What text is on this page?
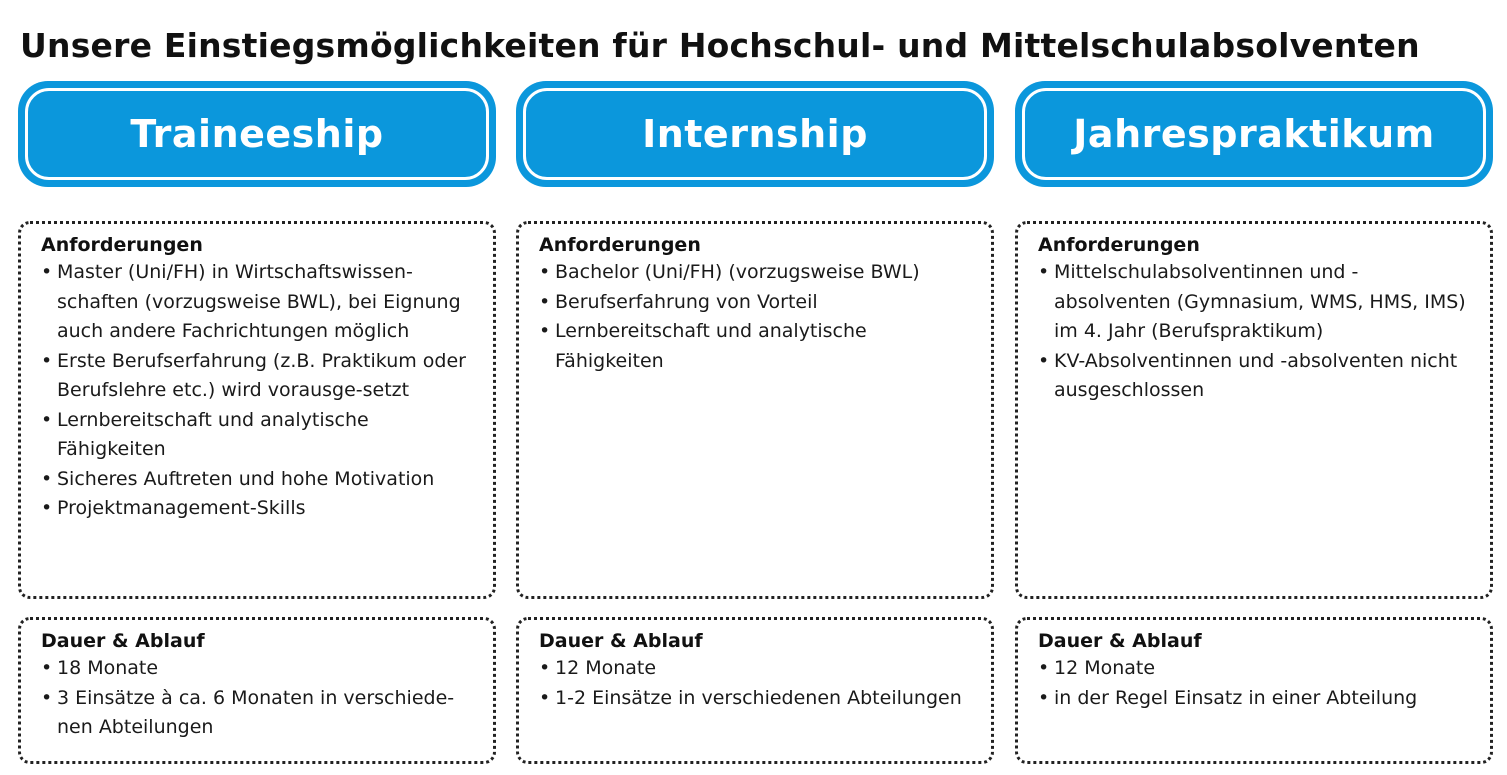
Unsere Einstiegsmöglichkeiten für Hochschul- und Mittelschulabsolventen
Traineeship
Anforderungen
• Master (Uni/FH) in Wirtschaftswissen-schaften (vorzugsweise BWL), bei Eignung auch andere Fachrichtungen möglich
• Erste Berufserfahrung (z.B. Praktikum oder Berufslehre etc.) wird vorausge-setzt
• Lernbereitschaft und analytische Fähigkeiten
• Sicheres Auftreten und hohe Motivation
• Projektmanagement-Skills
Dauer & Ablauf
• 18 Monate
• 3 Einsätze à ca. 6 Monaten in verschiede-nen Abteilungen
Internship
Anforderungen
• Bachelor (Uni/FH) (vorzugsweise BWL)
• Berufserfahrung von Vorteil
• Lernbereitschaft und analytische Fähigkeiten
Dauer & Ablauf
• 12 Monate
• 1-2 Einsätze in verschiedenen Abteilungen
Jahrespraktikum
Anforderungen
• Mittelschulabsolventinnen und -absolventen (Gymnasium, WMS, HMS, IMS) im 4. Jahr (Berufspraktikum)
• KV-Absolventinnen und -absolventen nicht ausgeschlossen
Dauer & Ablauf
• 12 Monate
• in der Regel Einsatz in einer Abteilung
